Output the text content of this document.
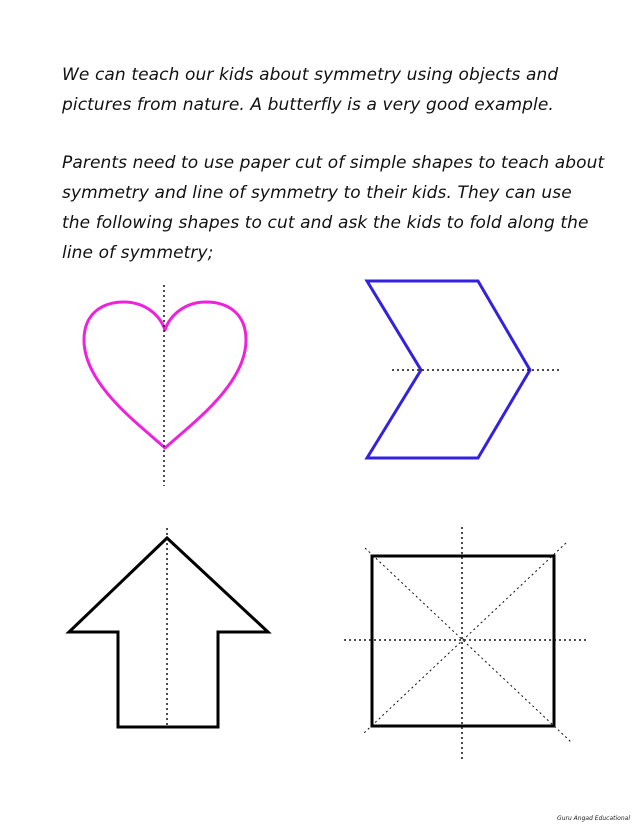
We can teach our kids about symmetry using objects and
pictures from nature. A butterfly is a very good example.

Parents need to use paper cut of simple shapes to teach about
symmetry and line of symmetry to their kids. They can use
the following shapes to cut and ask the kids to fold along the
line of symmetry;

Guru Angad Educational
